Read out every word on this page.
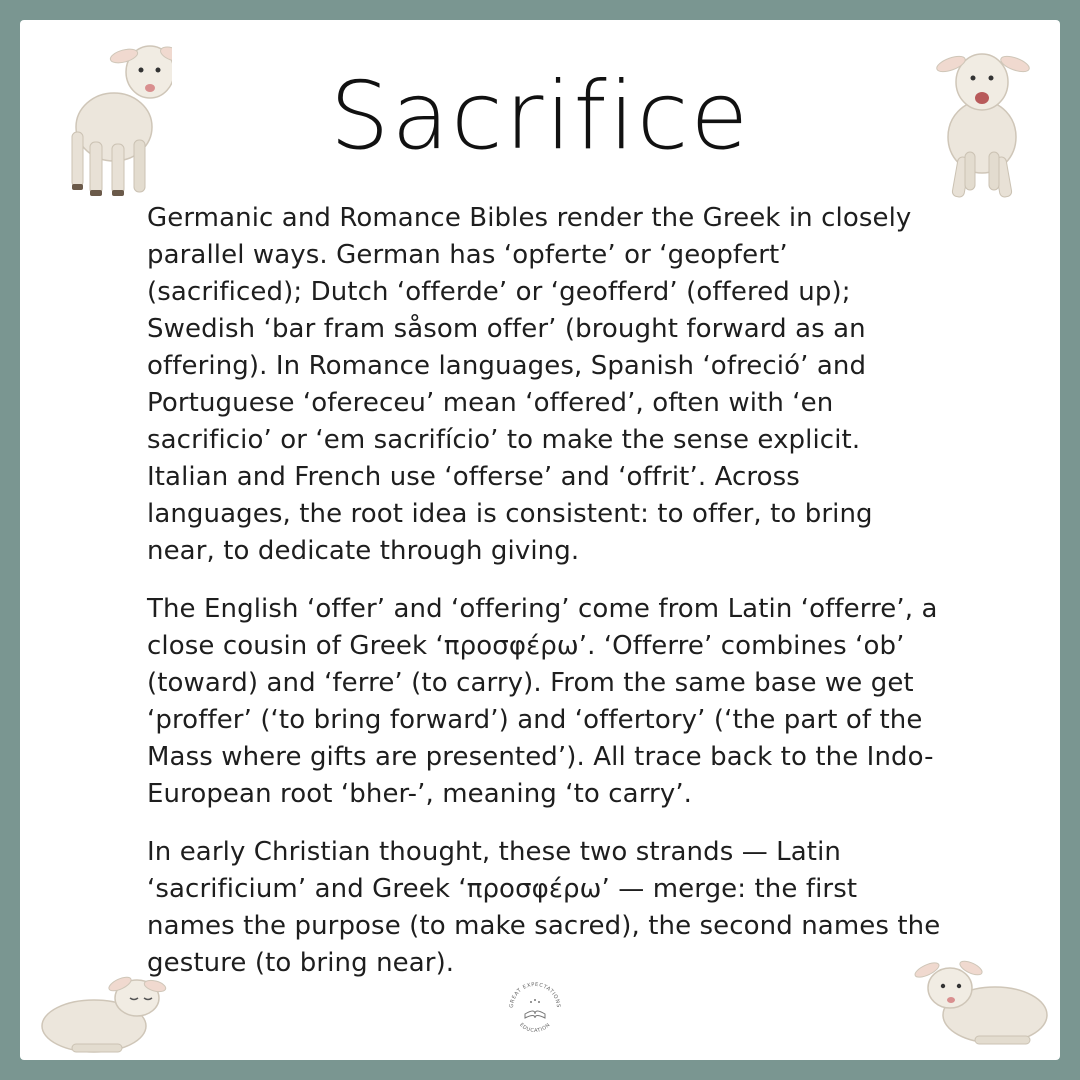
Sacrifice

Germanic and Romance Bibles render the Greek in closely parallel ways. German has ‘opferte’ or ‘geopfert’ (sacrificed); Dutch ‘offerde’ or ‘geofferd’ (offered up); Swedish ‘bar fram såsom offer’ (brought forward as an offering). In Romance languages, Spanish ‘ofreció’ and Portuguese ‘ofereceu’ mean ‘offered’, often with ‘en sacrificio’ or ‘em sacrifício’ to make the sense explicit. Italian and French use ‘offerse’ and ‘offrit’. Across languages, the root idea is consistent: to offer, to bring near, to dedicate through giving.

The English ‘offer’ and ‘offering’ come from Latin ‘offerre’, a close cousin of Greek ‘προσφέρω’. ‘Offerre’ combines ‘ob’ (toward) and ‘ferre’ (to carry). From the same base we get ‘proffer’ (‘to bring forward’) and ‘offertory’ (‘the part of the Mass where gifts are presented’). All trace back to the Indo-European root ‘bher-’, meaning ‘to carry’.

In early Christian thought, these two strands — Latin ‘sacrificium’ and Greek ‘προσφέρω’ — merge: the first names the purpose (to make sacred), the second names the gesture (to bring near).

GREAT EXPECTATIONS
EDUCATION
